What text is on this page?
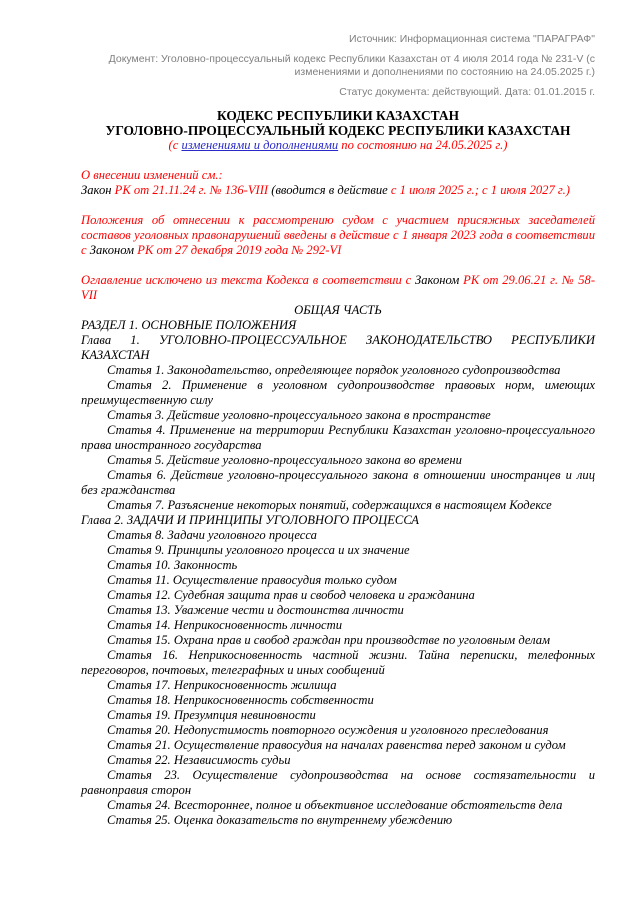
Источник: Информационная система "ПАРАГРАФ"

Документ: Уголовно-процессуальный кодекс Республики Казахстан от 4 июля 2014 года № 231-V (с изменениями и дополнениями по состоянию на 24.05.2025 г.)

Статус документа: действующий. Дата: 01.01.2015 г.

КОДЕКС РЕСПУБЛИКИ КАЗАХСТАН

УГОЛОВНО-ПРОЦЕССУАЛЬНЫЙ КОДЕКС РЕСПУБЛИКИ КАЗАХСТАН

(с изменениями и дополнениями по состоянию на 24.05.2025 г.)

О внесении изменений см.:

Закон РК от 21.11.24 г. № 136-VIII (вводится в действие с 1 июля 2025 г.; с 1 июля 2027 г.)

Положения об отнесении к рассмотрению судом с участием присяжных заседателей составов уголовных правонарушений введены в действие с 1 января 2023 года в соответствии с Законом РК от 27 декабря 2019 года № 292-VI

Оглавление исключено из текста Кодекса в соответствии с Законом РК от 29.06.21 г. № 58-VII

ОБЩАЯ ЧАСТЬ

РАЗДЕЛ 1. ОСНОВНЫЕ ПОЛОЖЕНИЯ

Глава 1. УГОЛОВНО-ПРОЦЕССУАЛЬНОЕ ЗАКОНОДАТЕЛЬСТВО РЕСПУБЛИКИ КАЗАХСТАН

Статья 1. Законодательство, определяющее порядок уголовного судопроизводства

Статья 2. Применение в уголовном судопроизводстве правовых норм, имеющих преимущественную силу

Статья 3. Действие уголовно-процессуального закона в пространстве

Статья 4. Применение на территории Республики Казахстан уголовно-процессуального права иностранного государства

Статья 5. Действие уголовно-процессуального закона во времени

Статья 6. Действие уголовно-процессуального закона в отношении иностранцев и лиц без гражданства

Статья 7. Разъяснение некоторых понятий, содержащихся в настоящем Кодексе

Глава 2. ЗАДАЧИ И ПРИНЦИПЫ УГОЛОВНОГО ПРОЦЕССА

Статья 8. Задачи уголовного процесса

Статья 9. Принципы уголовного процесса и их значение

Статья 10. Законность

Статья 11. Осуществление правосудия только судом

Статья 12. Судебная защита прав и свобод человека и гражданина

Статья 13. Уважение чести и достоинства личности

Статья 14. Неприкосновенность личности

Статья 15. Охрана прав и свобод граждан при производстве по уголовным делам

Статья 16. Неприкосновенность частной жизни. Тайна переписки, телефонных переговоров, почтовых, телеграфных и иных сообщений

Статья 17. Неприкосновенность жилища

Статья 18. Неприкосновенность собственности

Статья 19. Презумпция невиновности

Статья 20. Недопустимость повторного осуждения и уголовного преследования

Статья 21. Осуществление правосудия на началах равенства перед законом и судом

Статья 22. Независимость судьи

Статья 23. Осуществление судопроизводства на основе состязательности и равноправия сторон

Статья 24. Всестороннее, полное и объективное исследование обстоятельств дела

Статья 25. Оценка доказательств по внутреннему убеждению
